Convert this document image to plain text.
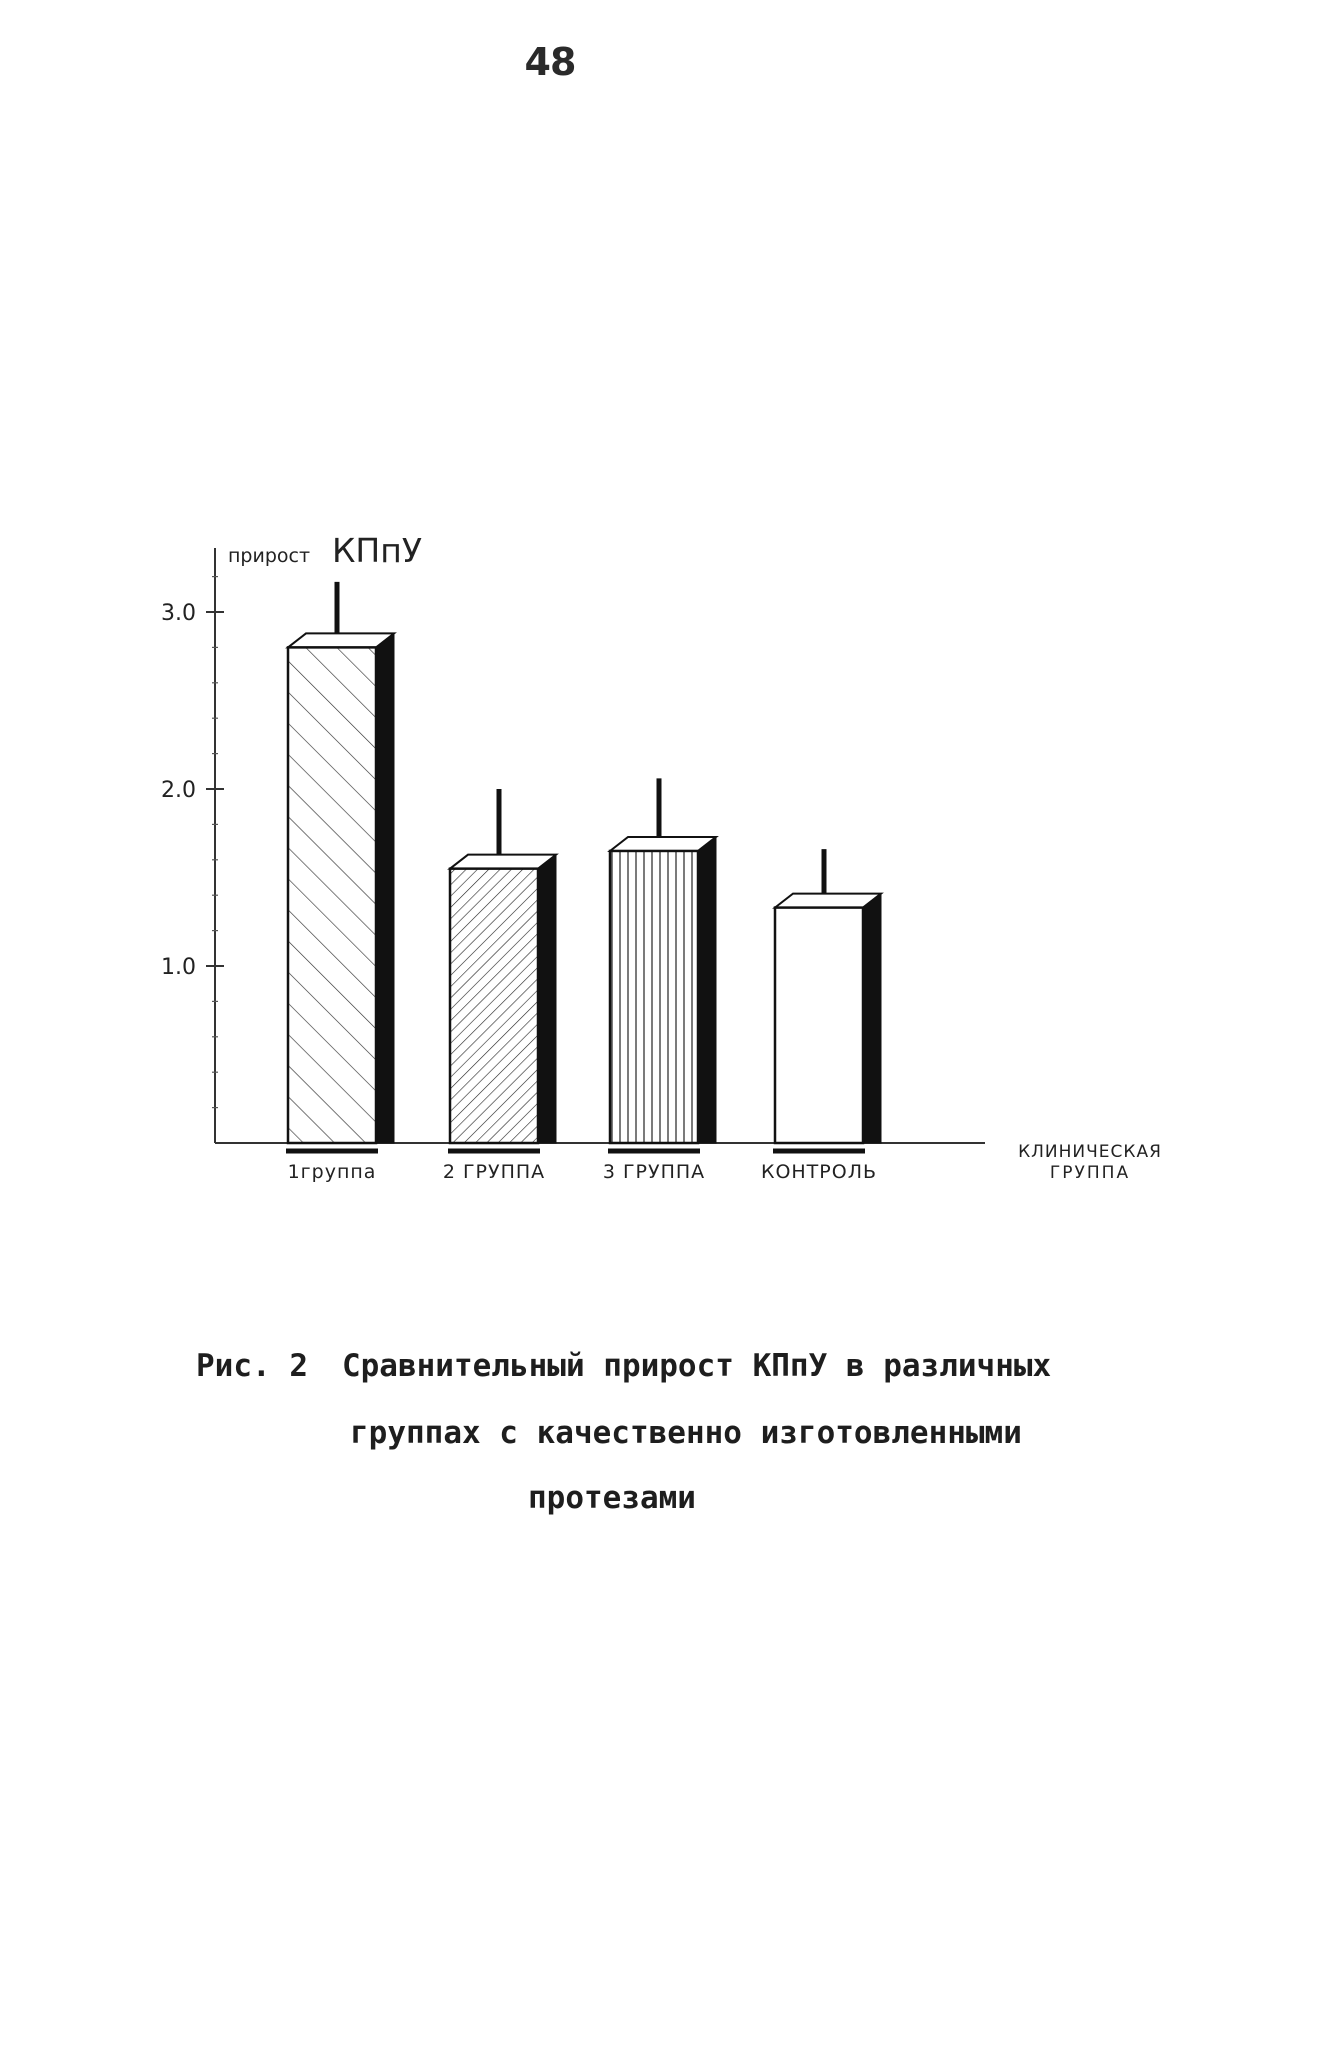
48
1.0
2.0
3.0
прирост КПпУ
1группа	2 ГРУППА	3 ГРУППА	КОНТРОЛЬ
КЛИНИЧЕСКАЯ
ГРУППА
Рис. 2 Сравнительный прирост КПпУ в различных
группах с качественно изготовленными
протезами
